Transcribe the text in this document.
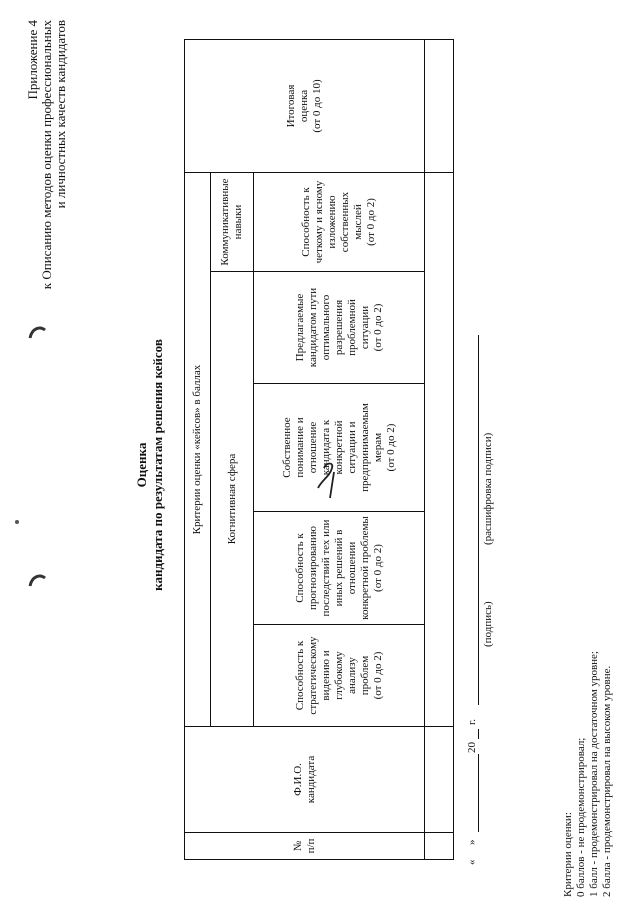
Приложение 4 к Описанию методов оценки профессиональных и личностных качеств кандидатов
Оценка кандидата по результатам решения кейсов
№
п/п
Ф.И.О.
кандидата
Критерии оценки «кейсов» в баллах	Когнитивная сфера
Коммуникативные
навыки
Способность к
стратегическому
видению и
глубокому
анализу
проблем
(от 0 до 2)
Способность к
прогнозированию
последствий тех или
иных решений в
отношении
конкретной проблемы
(от 0 до 2)
Собственное
понимание и
отношение
кандидата к
конкретной
ситуации и
предпринимаемым
мерам
(от 0 до 2)
Предлагаемые
кандидатом пути
оптимального
разрешения
проблемной
ситуации
(от 0 до 2)
Способность к
четкому и ясному
изложению
собственных мыслей
(от 0 до 2)
Итоговая
оценка
(от 0 до 10)
«
»
20
г.
(подпись)
(расшифровка подписи)
Критерии оценки: 0 баллов - не продемонстрировал; 1 балл - продемонстрировал на достаточном уровне; 2 балла - продемонстрировал на высоком уровне.
